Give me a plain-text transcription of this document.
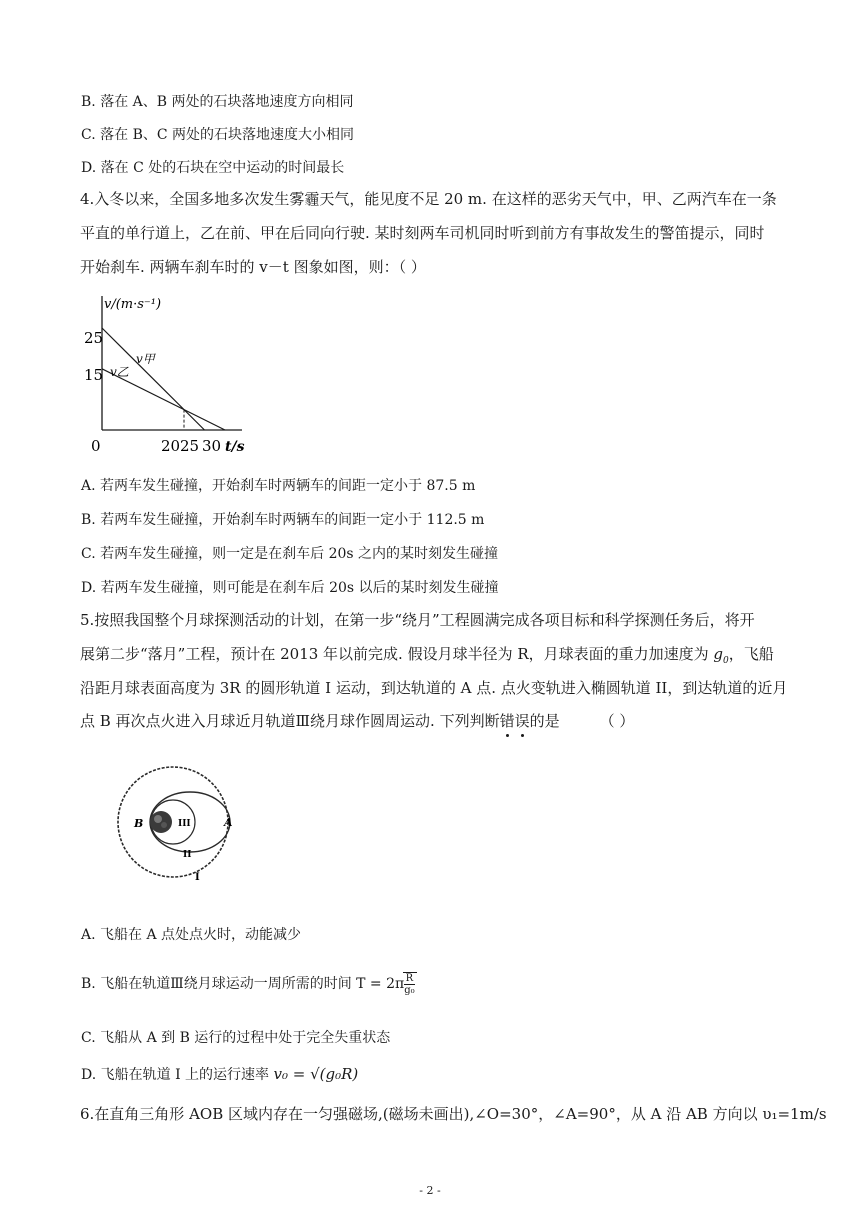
B. 落在 A、B 两处的石块落地速度方向相同
C. 落在 B、C 两处的石块落地速度大小相同
D. 落在 C 处的石块在空中运动的时间最长
4.入冬以来，全国多地多次发生雾霾天气，能见度不足 20 m. 在这样的恶劣天气中，甲、乙两汽车在一条
平直的单行道上，乙在前、甲在后同向行驶. 某时刻两车司机同时听到前方有事故发生的警笛提示，同时
开始刹车. 两辆车刹车时的 v－t 图象如图，则：（ ）
v/(m·s⁻¹)
t/s
0
25
15
20 25 30
v甲
v乙
A. 若两车发生碰撞，开始刹车时两辆车的间距一定小于 87.5 m
B. 若两车发生碰撞，开始刹车时两辆车的间距一定小于 112.5 m
C. 若两车发生碰撞，则一定是在刹车后 20s 之内的某时刻发生碰撞
D. 若两车发生碰撞，则可能是在刹车后 20s 以后的某时刻发生碰撞
5.按照我国整个月球探测活动的计划，在第一步“绕月”工程圆满完成各项目标和科学探测任务后，将开
展第二步“落月”工程，预计在 2013 年以前完成. 假设月球半径为 R，月球表面的重力加速度为 $g_0$，飞船
沿距月球表面高度为 3R 的圆形轨道 I 运动，到达轨道的 A 点. 点火变轨进入椭圆轨道 II，到达轨道的近月
点 B 再次点火进入月球近月轨道Ⅲ绕月球作圆周运动. 下列判断错
误
的是	（ ）
B	III	A
II
I
A. 飞船在 A 点处点火时，动能减少
B. 飞船在轨道Ⅲ绕月球运动一周所需的时间 $T = 2\pi \frac{R}{\text{g₀}}$
C. 飞船从 A 到 B 运行的过程中处于完全失重状态
D. 飞船在轨道 I 上的运行速率 v₀ = √(g₀R)
6.在直角三角形 AOB 区域内存在一匀强磁场,(磁场未画出),∠O=30°，∠A=90°，从 A 沿 AB 方向以 υ₁=1m/s
- 2 -
